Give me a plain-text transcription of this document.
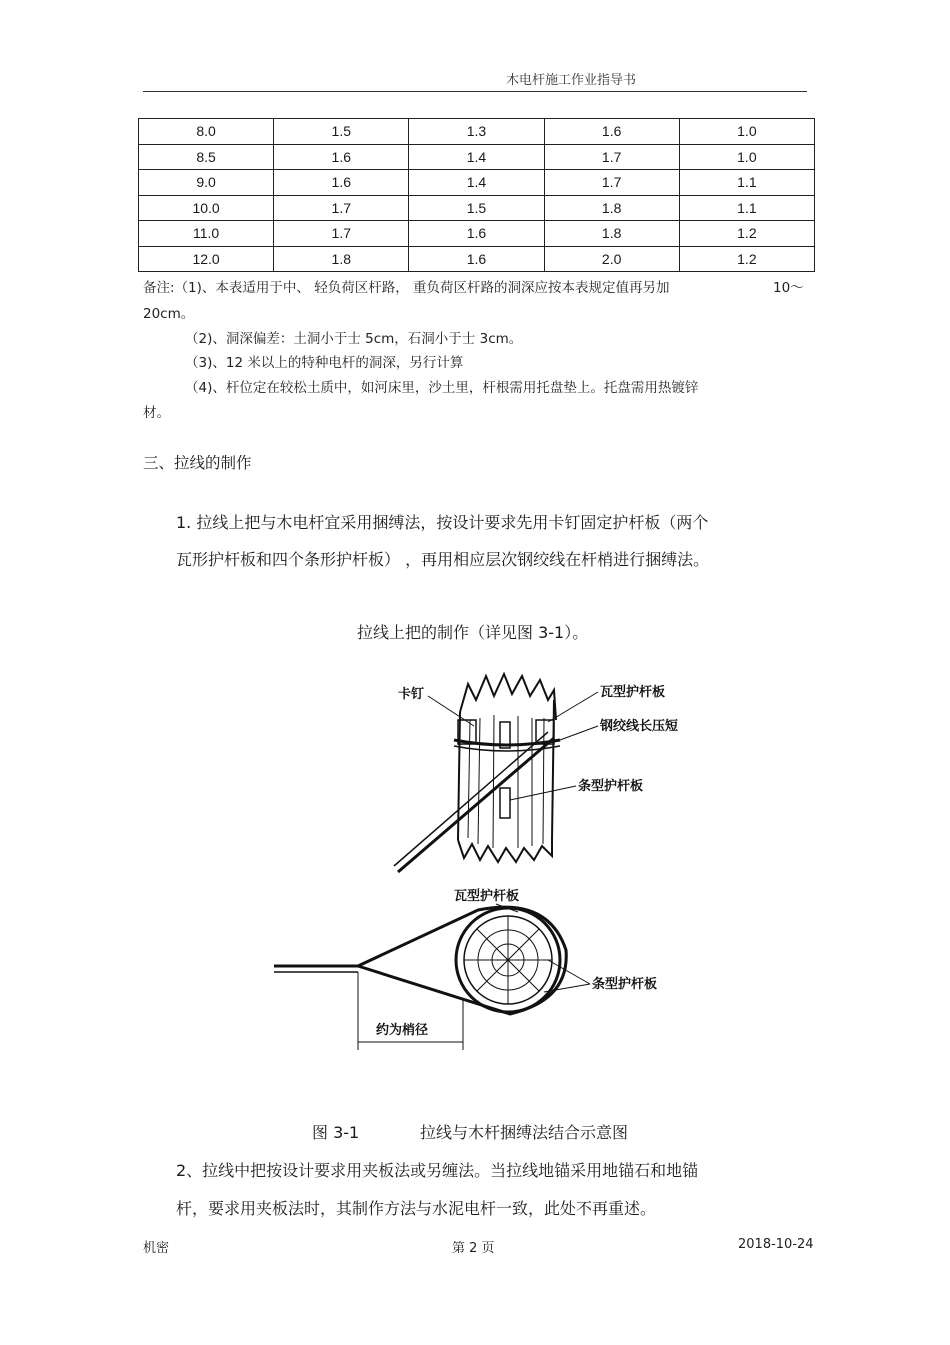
木电杆施工作业指导书
8.0	1.5	1.3	1.6	1.0
8.5	1.6	1.4	1.7	1.0
9.0	1.6	1.4	1.7	1.1
10.0	1.7	1.5	1.8	1.1
11.0	1.7	1.6	1.8	1.2
12.0	1.8	1.6	2.0	1.2
备注:（1)、本表适用于中、 轻负荷区杆路， 重负荷区杆路的洞深应按本表规定值再另加	10～
20cm。
（2)、洞深偏差：土洞小于士 5cm，石洞小于士 3cm。
（3)、12 米以上的特种电杆的洞深，另行计算
（4)、杆位定在较松土质中，如河床里，沙土里，杆根需用托盘垫上。托盘需用热镀锌
材。
三、拉线的制作
1. 拉线上把与木电杆宜采用捆缚法，按设计要求先用卡钉固定护杆板（两个
瓦形护杆板和四个条形护杆板） ，再用相应层次钢绞线在杆梢进行捆缚法。
拉线上把的制作（详见图 3-1）。
卡钉	瓦型护杆板
钢绞线长压短
条型护杆板
瓦型护杆板
条型护杆板
约为梢径
图 3-1	拉线与木杆捆缚法结合示意图
2、拉线中把按设计要求用夹板法或另缠法。当拉线地锚采用地锚石和地锚
杆，要求用夹板法时，其制作方法与水泥电杆一致，此处不再重述。
机密	第 2 页	2018-10-24
